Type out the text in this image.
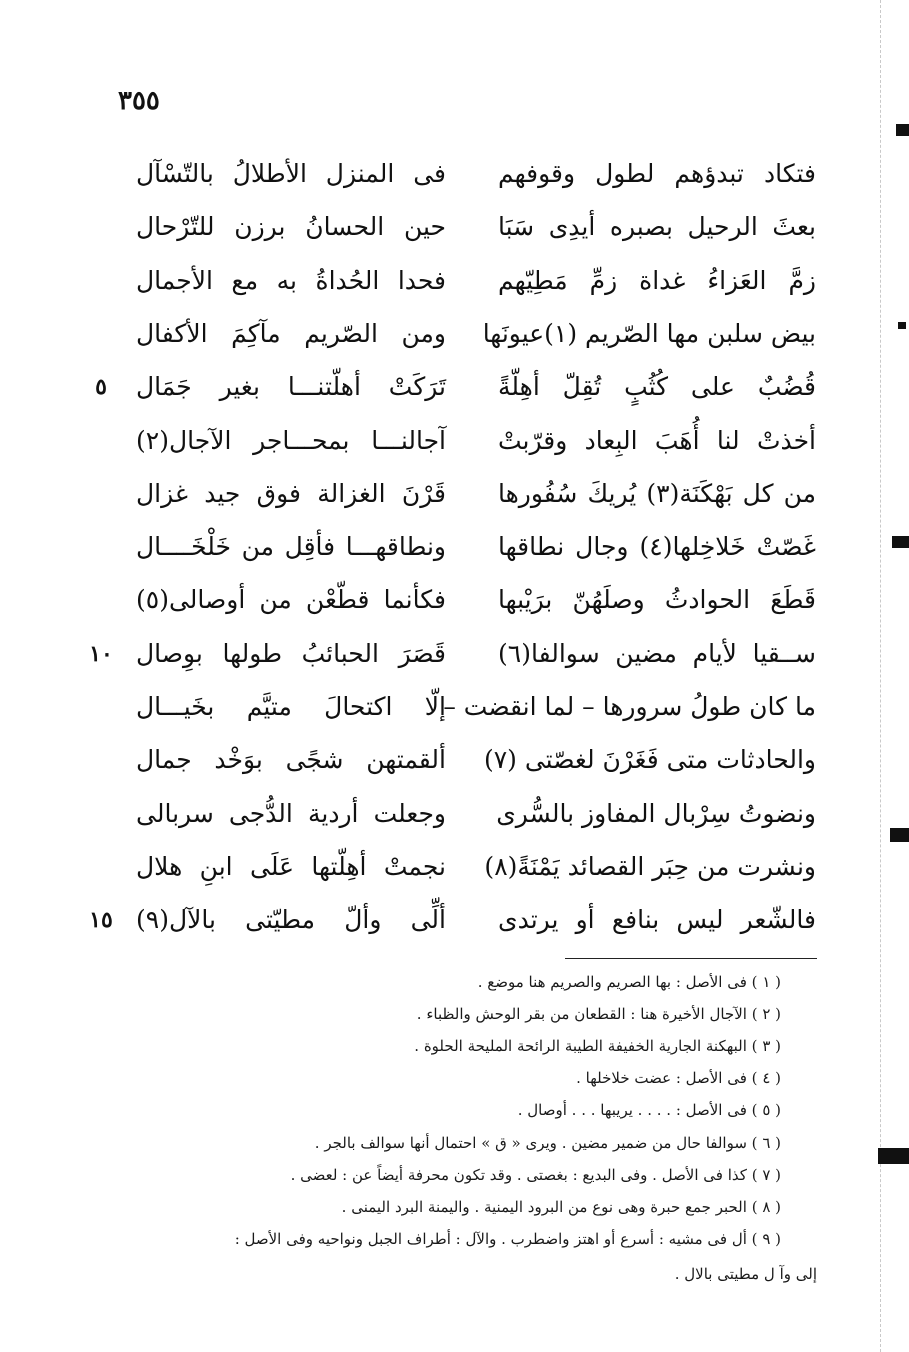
٣٥٥
فتكاد تبدؤهم لطول وقوفهم
فى المنزل الأطلالُ بالتّسْآل
بعثَ الرحيل بصبره أيدِى سَبَا
حين الحسانُ برزن للتّرْحال
زمَّ العَزاءُ غداة زمِّ مَطِيّهم
فحدا الحُداةُ به مع الأجمال
بيض سلبن مها الصّريم (١)عيونَها
ومن الصّريم مآكِمَ الأكفال
قُضُبٌ على كُثُبٍ تُقِلّ أهِلّةً
تَرَكَتْ أهلّتنـــا بغير جَمَال
٥
أخذتْ لنا أُهَبَ البِعاد وقرّبتْ
آجالنـــا بمحـــاجر الآجال(٢)
من كل بَهْكَنَة(٣) يُريكَ سُفُورها
قَرْنَ الغزالة فوق جيد غزال
غَصّتْ خَلاخِلها(٤) وجال نطاقها
ونطاقهـــا فأقِل من خَلْخَــــال
قَطَعَ الحوادثُ وصلَهُنّ برَيْبها
فكأنما قطّعْن من أوصالى(٥)
ســقيا لأيام مضين سوالفا(٦)
قَصَرَ الحبائبُ طولها بوِصال
١٠
ما كان طولُ سرورها – لما انقضت –
إلّا اكتحالَ متيَّم بخَيـــال
والحادثات متى فَغَرْنَ لغصّتى (٧)
ألقمتهن شجًى بوَخْد جمال
ونضوتُ سِرْبال المفاوز بالسُّرى
وجعلت أردية الدُّجى سربالى
ونشرت من حِبَر القصائد يَمْنَةً(٨)
نجمتْ أهِلّتها عَلَى ابنِ هلال
فالشّعر ليس بنافع أو يرتدى
ألِّى وألّ مطيّتى بالآل(٩)
١٥
( ١ ) فى الأصل : بها الصريم والصريم هنا موضع .
( ٢ ) الآجال الأخيرة هنا : القطعان من بقر الوحش والظباء .
( ٣ ) البهكنة الجارية الخفيفة الطيبة الرائحة المليحة الحلوة .
( ٤ ) فى الأصل : عضت خلاخلها .
( ٥ ) فى الأصل : . . . . يريبها . . . أوصال .
( ٦ ) سوالفا حال من ضمير مضين . ويرى « ق » احتمال أنها سوالف بالجر .
( ٧ ) كذا فى الأصل . وفى البديع : بغصتى . وقد تكون محرفة أيضاً عن : لعضى .
( ٨ ) الحبر جمع حبرة وهى نوع من البرود اليمنية . واليمنة البرد اليمنى .
( ٩ ) أل فى مشيه : أسرع أو اهتز واضطرب . والآل : أطراف الجبل ونواحيه وفى الأصل :
إلى وآ ل مطيتى بالال .
